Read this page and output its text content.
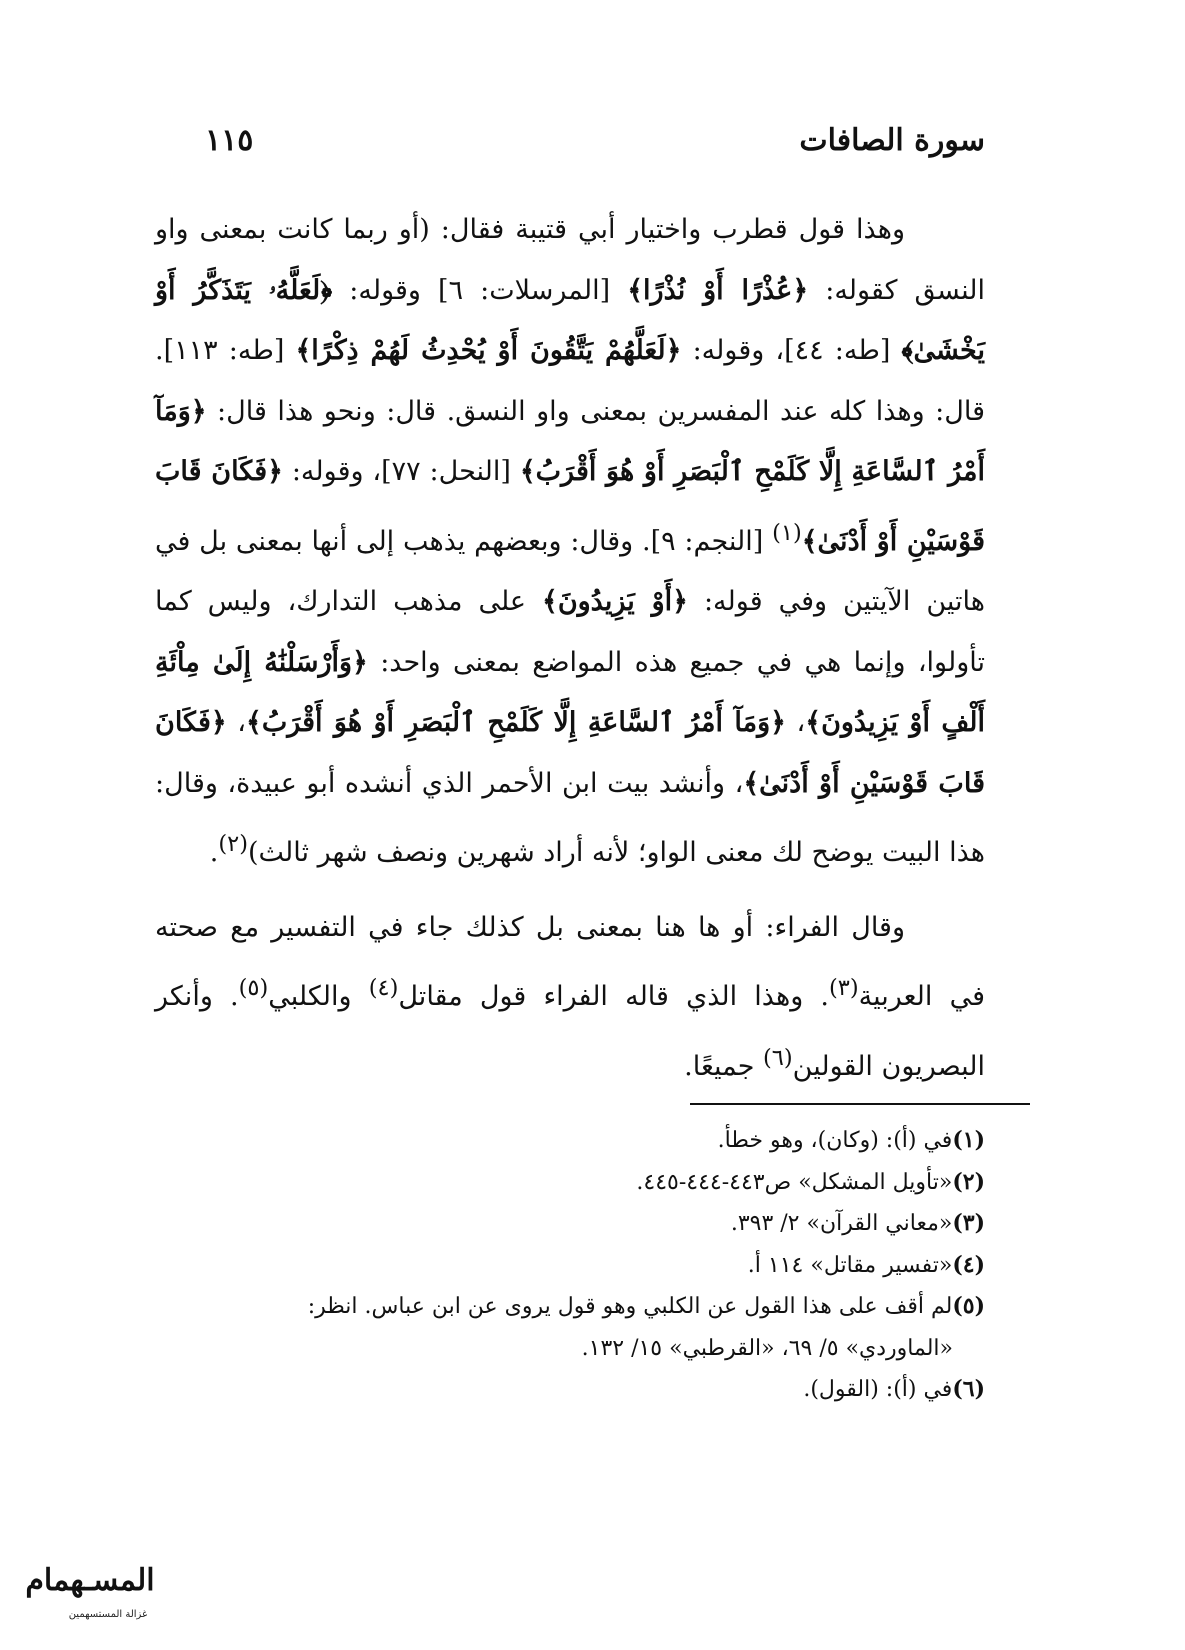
سورة الصافات
١١٥

وهذا قول قطرب واختيار أبي قتيبة فقال: (أو ربما كانت بمعنى واو النسق كقوله: ﴿عُذْرًا أَوْ نُذْرًا﴾ [المرسلات: ٦] وقوله: ﴿لَعَلَّهُۥ يَتَذَكَّرُ أَوْ يَخْشَىٰ﴾ [طه: ٤٤]، وقوله: ﴿لَعَلَّهُمْ يَتَّقُونَ أَوْ يُحْدِثُ لَهُمْ ذِكْرًا﴾ [طه: ١١٣]. قال: وهذا كله عند المفسرين بمعنى واو النسق. قال: ونحو هذا قال: ﴿وَمَآ أَمْرُ ٱلسَّاعَةِ إِلَّا كَلَمْحِ ٱلْبَصَرِ أَوْ هُوَ أَقْرَبُ﴾ [النحل: ٧٧]، وقوله: ﴿فَكَانَ قَابَ قَوْسَيْنِ أَوْ أَدْنَىٰ﴾$^{(١)}$ [النجم: ٩]. وقال: وبعضهم يذهب إلى أنها بمعنى بل في هاتين الآيتين وفي قوله: ﴿أَوْ يَزِيدُونَ﴾ على مذهب التدارك، وليس كما تأولوا، وإنما هي في جميع هذه المواضع بمعنى واحد: ﴿وَأَرْسَلْنَٰهُ إِلَىٰ مِاْئَةِ أَلْفٍ أَوْ يَزِيدُونَ﴾، ﴿وَمَآ أَمْرُ ٱلسَّاعَةِ إِلَّا كَلَمْحِ ٱلْبَصَرِ أَوْ هُوَ أَقْرَبُ﴾، ﴿فَكَانَ قَابَ قَوْسَيْنِ أَوْ أَدْنَىٰ﴾، وأنشد بيت ابن الأحمر الذي أنشده أبو عبيدة، وقال: هذا البيت يوضح لك معنى الواو؛ لأنه أراد شهرين ونصف شهر ثالث)$^{(٢)}$.

وقال الفراء: أو ها هنا بمعنى بل كذلك جاء في التفسير مع صحته في العربية$^{(٣)}$. وهذا الذي قاله الفراء قول مقاتل$^{(٤)}$ والكلبي$^{(٥)}$. وأنكر البصريون القولين$^{(٦)}$ جميعًا.

(١)
في (أ): (وكان)، وهو خطأ.
(٢)
«تأويل المشكل» ص٤٤٣-٤٤٤-٤٤٥.
(٣)
«معاني القرآن» ٢/ ٣٩٣.
(٤)
«تفسير مقاتل» ١١٤ أ.
(٥)
لم أقف على هذا القول عن الكلبي وهو قول يروى عن ابن عباس. انظر:
«الماوردي» ٥/ ٦٩، «القرطبي» ١٥/ ١٣٢.
(٦)
في (أ): (القول).
المسـهمام
غزالة المستسهمين
